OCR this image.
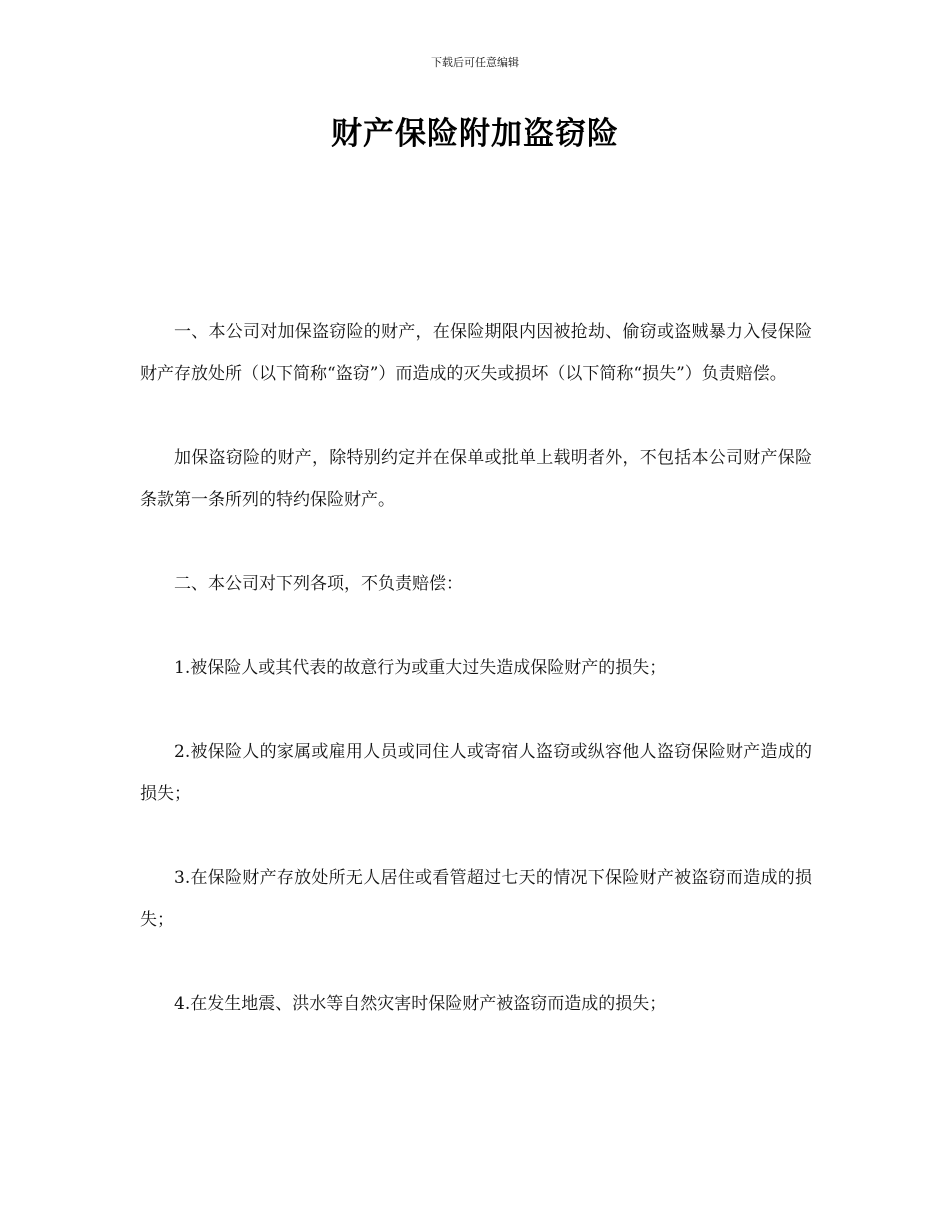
下载后可任意编辑
财产保险附加盗窃险

一、本公司对加保盗窃险的财产，在保险期限内因被抢劫、偷窃或盗贼暴力入侵保险财产存放处所（以下简称“盗窃”）而造成的灭失或损坏（以下简称“损失”）负责赔偿。

加保盗窃险的财产，除特别约定并在保单或批单上载明者外，不包括本公司财产保险条款第一条所列的特约保险财产。

二、本公司对下列各项，不负责赔偿：

1.被保险人或其代表的故意行为或重大过失造成保险财产的损失；

2.被保险人的家属或雇用人员或同住人或寄宿人盗窃或纵容他人盗窃保险财产造成的损失；

3.在保险财产存放处所无人居住或看管超过七天的情况下保险财产被盗窃而造成的损失；

4.在发生地震、洪水等自然灾害时保险财产被盗窃而造成的损失；
